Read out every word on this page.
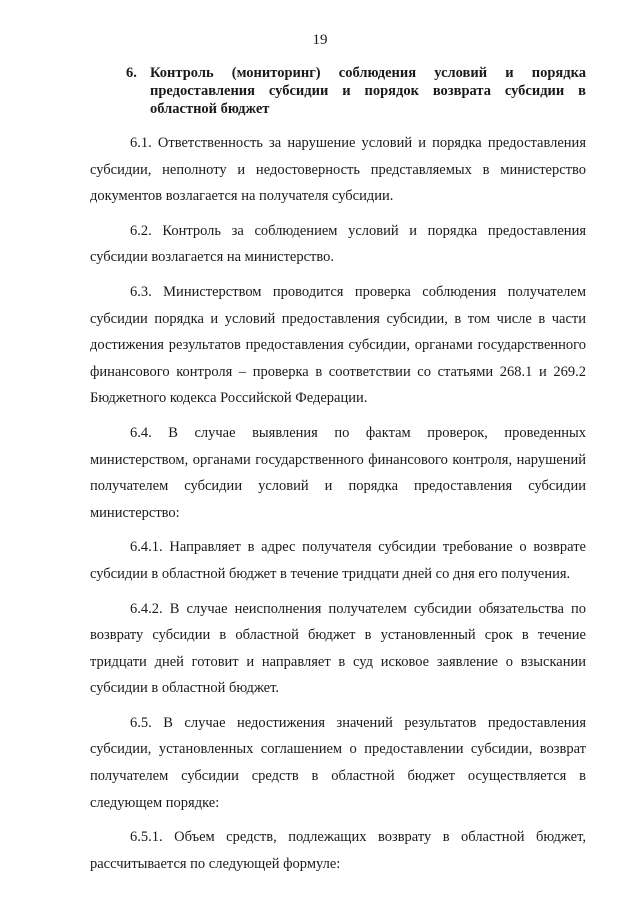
19
6. Контроль (мониторинг) соблюдения условий и порядка предоставления субсидии и порядок возврата субсидии в областной бюджет

6.1. Ответственность за нарушение условий и порядка предоставления субсидии, неполноту и недостоверность представляемых в министерство документов возлагается на получателя субсидии.

6.2. Контроль за соблюдением условий и порядка предоставления субсидии возлагается на министерство.

6.3. Министерством проводится проверка соблюдения получателем субсидии порядка и условий предоставления субсидии, в том числе в части достижения результатов предоставления субсидии, органами государственного финансового контроля – проверка в соответствии со статьями 268.1 и 269.2 Бюджетного кодекса Российской Федерации.

6.4. В случае выявления по фактам проверок, проведенных министерством, органами государственного финансового контроля, нарушений получателем субсидии условий и порядка предоставления субсидии министерство:

6.4.1. Направляет в адрес получателя субсидии требование о возврате субсидии в областной бюджет в течение тридцати дней со дня его получения.

6.4.2. В случае неисполнения получателем субсидии обязательства по возврату субсидии в областной бюджет в установленный срок в течение тридцати дней готовит и направляет в суд исковое заявление о взыскании субсидии в областной бюджет.

6.5. В случае недостижения значений результатов предоставления субсидии, установленных соглашением о предоставлении субсидии, возврат получателем субсидии средств в областной бюджет осуществляется в следующем порядке:

6.5.1. Объем средств, подлежащих возврату в областной бюджет, рассчитывается по следующей формуле:
